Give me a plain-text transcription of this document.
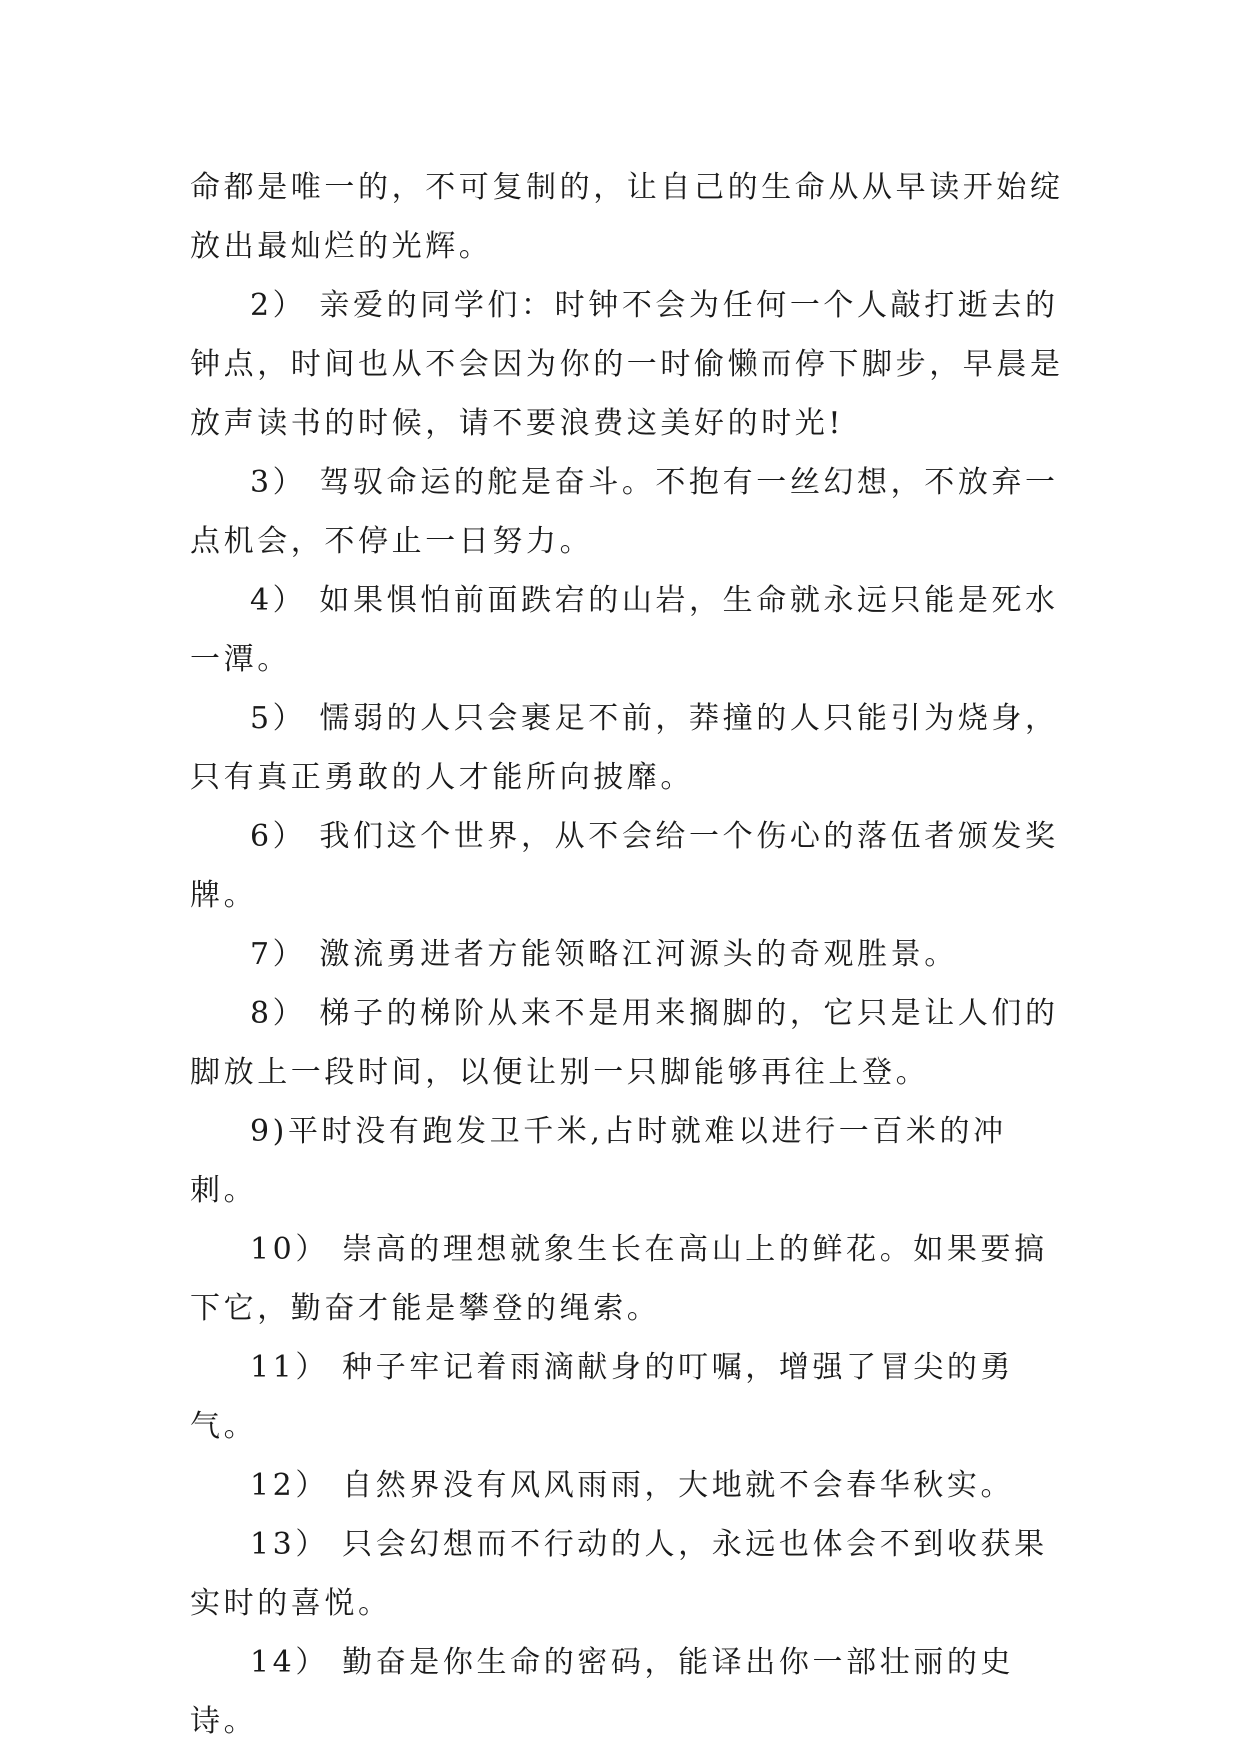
命都是唯一的，不可复制的，让自己的生命从从早读开始绽放出最灿烂的光辉。

2） 亲爱的同学们：时钟不会为任何一个人敲打逝去的钟点，时间也从不会因为你的一时偷懒而停下脚步，早晨是放声读书的时候，请不要浪费这美好的时光!

3） 驾驭命运的舵是奋斗。不抱有一丝幻想，不放弃一点机会，不停止一日努力。

4） 如果惧怕前面跌宕的山岩，生命就永远只能是死水一潭。

5） 懦弱的人只会裹足不前，莽撞的人只能引为烧身，只有真正勇敢的人才能所向披靡。

6） 我们这个世界，从不会给一个伤心的落伍者颁发奖牌。

7） 激流勇进者方能领略江河源头的奇观胜景。

8） 梯子的梯阶从来不是用来搁脚的，它只是让人们的脚放上一段时间，以便让别一只脚能够再往上登。

9)平时没有跑发卫千米,占时就难以进行一百米的冲刺。

10） 崇高的理想就象生长在高山上的鲜花。如果要搞下它，勤奋才能是攀登的绳索。

11） 种子牢记着雨滴献身的叮嘱，增强了冒尖的勇气。

12） 自然界没有风风雨雨，大地就不会春华秋实。

13） 只会幻想而不行动的人，永远也体会不到收获果实时的喜悦。

14） 勤奋是你生命的密码，能译出你一部壮丽的史诗。
